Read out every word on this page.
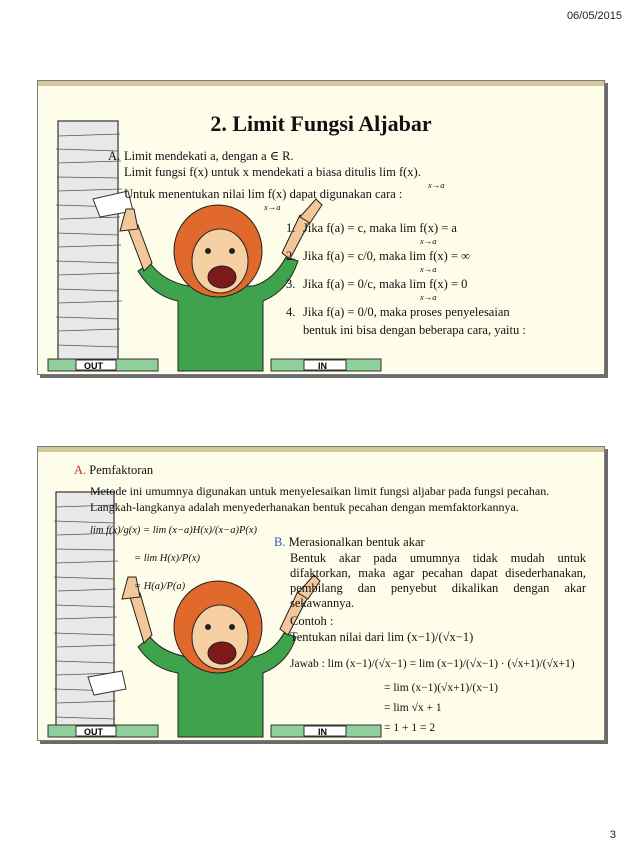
06/05/2015
OUT	IN
2. Limit Fungsi Aljabar
A. Limit mendekati a, dengan a ∈ R.
Limit fungsi f(x) untuk x mendekati a biasa ditulis lim f(x).
x→a
Untuk menentukan nilai lim f(x) dapat digunakan cara :
x→a
1. Jika f(a) = c, maka lim f(x) = a
x→a
2. Jika f(a) = c/0, maka lim f(x) = ∞
x→a
3. Jika f(a) = 0/c, maka lim f(x) = 0
x→a
4. Jika f(a) = 0/0, maka proses penyelesaian
bentuk ini bisa dengan beberapa cara, yaitu :
OUT	IN
A. Pemfaktoran
Metode ini umumnya digunakan untuk menyelesaikan limit fungsi aljabar pada fungsi pecahan.
Langkah-langkanya adalah menyederhanakan bentuk pecahan dengan memfaktorkannya.
lim f(x)/g(x) = lim (x−a)H(x)/(x−a)P(x)
= lim H(x)/P(x)
= H(a)/P(a)
B. Merasionalkan bentuk akar
Bentuk akar pada umumnya tidak mudah untuk difaktorkan, maka agar pecahan dapat disederhanakan, pembilang dan penyebut dikalikan dengan akar sekawannya.
Contoh :
Tentukan nilai dari lim (x−1)/(√x−1)
Jawab : lim (x−1)/(√x−1) = lim (x−1)/(√x−1) · (√x+1)/(√x+1)
= lim (x−1)(√x+1)/(x−1)
= lim √x + 1
= 1 + 1 = 2
3
